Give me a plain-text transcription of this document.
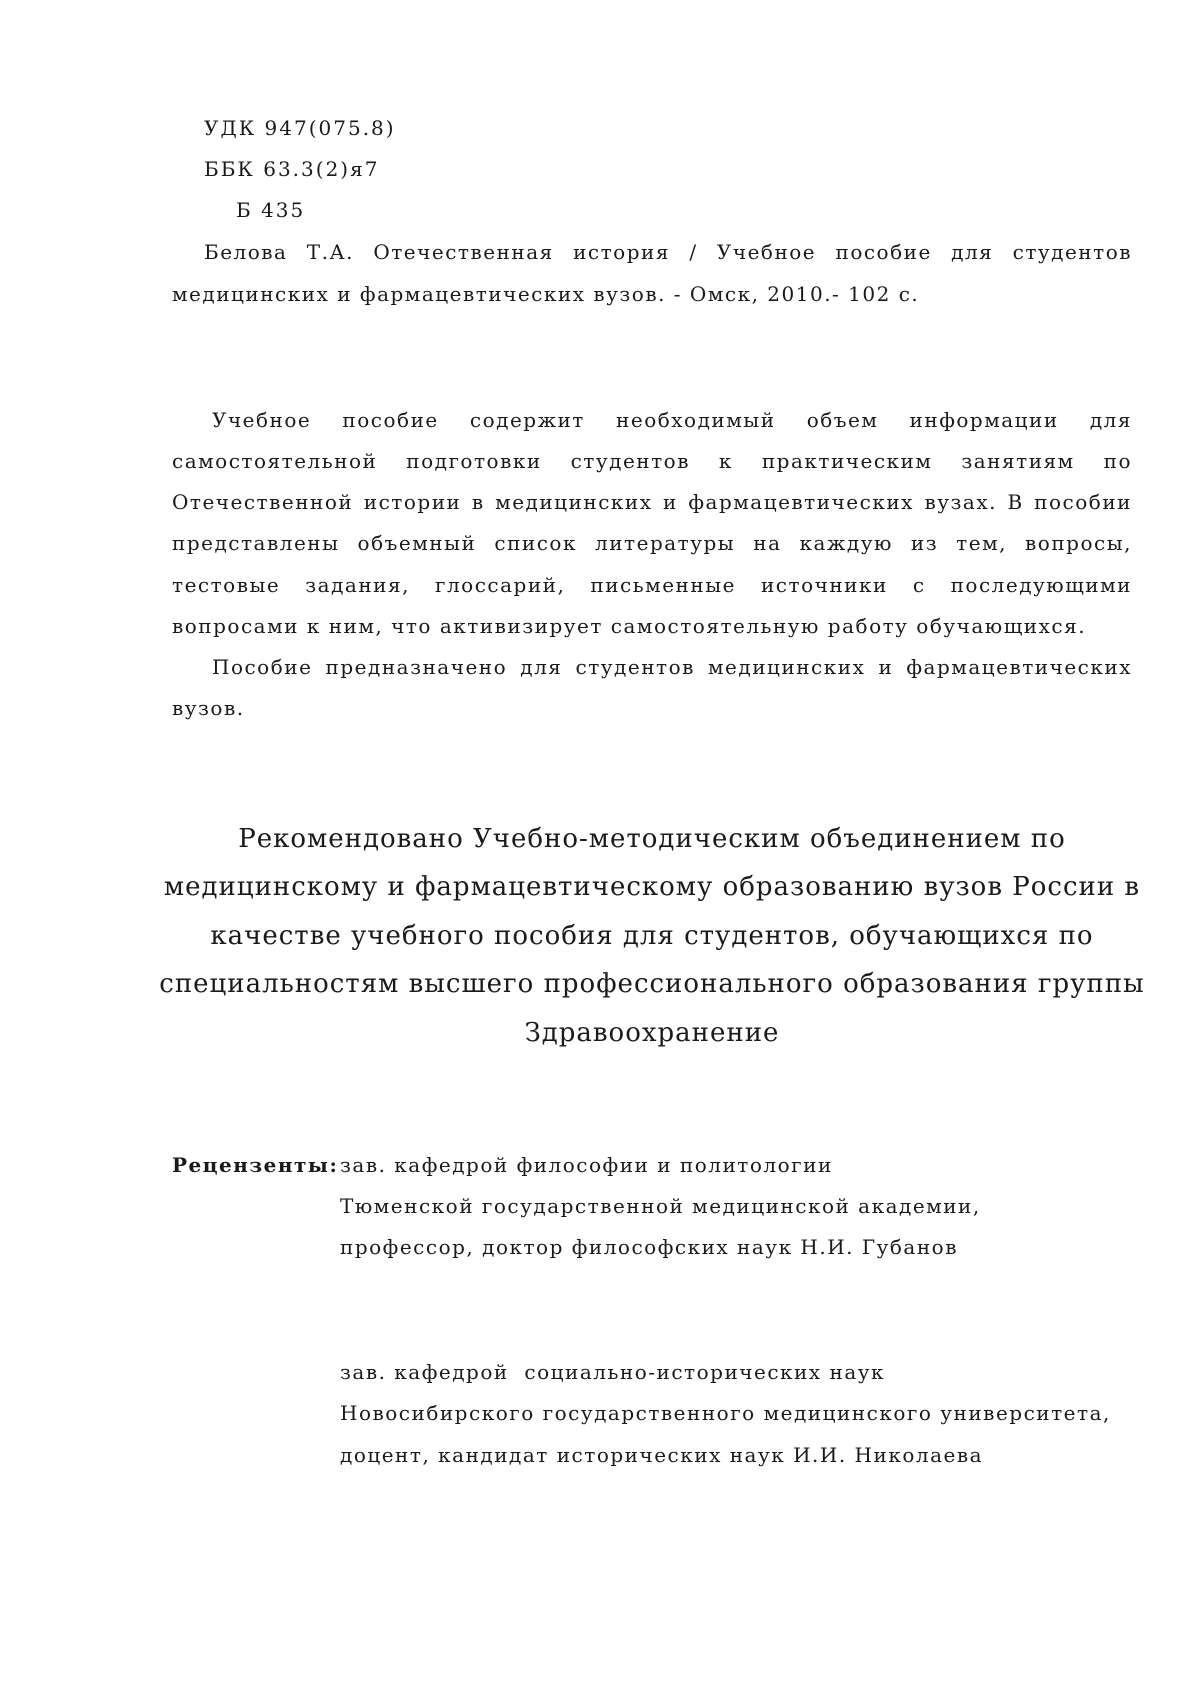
УДК 947(075.8)
ББК 63.3(2)я7
Б 435
Белова Т.А. Отечественная история / Учебное пособие для студентов
медицинских и фармацевтических вузов. - Омск, 2010.- 102 с.
Учебное пособие содержит необходимый объем информации для
самостоятельной подготовки студентов к практическим занятиям по
Отечественной истории в медицинских и фармацевтических вузах. В пособии
представлены объемный список литературы на каждую из тем, вопросы,
тестовые задания, глоссарий, письменные источники с последующими
вопросами к ним, что активизирует самостоятельную работу обучающихся.
Пособие предназначено для студентов медицинских и фармацевтических
вузов.
Рекомендовано Учебно-методическим объединением по
медицинскому и фармацевтическому образованию вузов России в
качестве учебного пособия для студентов, обучающихся по
специальностям высшего профессионального образования группы
Здравоохранение
Рецензенты: зав. кафедрой философии и политологии
Тюменской государственной медицинской академии,
профессор, доктор философских наук Н.И. Губанов
зав. кафедрой  социально-исторических наук
Новосибирского государственного медицинского университета,
доцент, кандидат исторических наук И.И. Николаева
